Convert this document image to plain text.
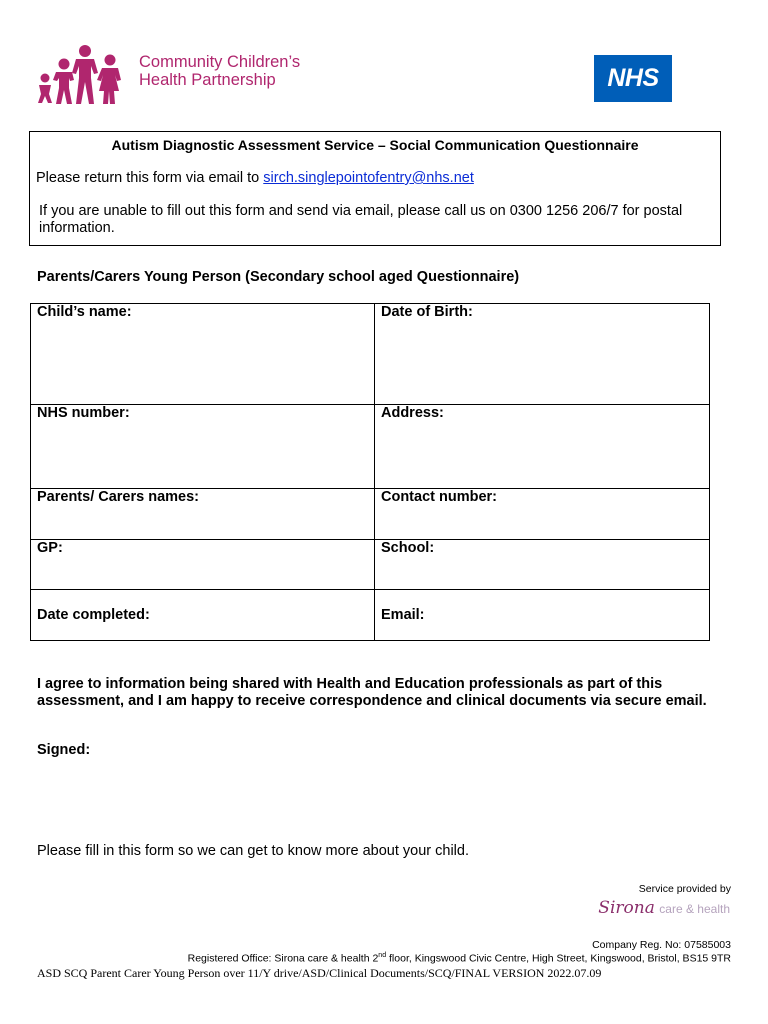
Community Children’s
Health Partnership	NHS
Autism Diagnostic Assessment Service – Social Communication Questionnaire
Please return this form via email to sirch.singlepointofentry@nhs.net
If you are unable to fill out this form and send via email, please call us on 0300 1256 206/7 for postal information.
Parents/Carers Young Person (Secondary school aged Questionnaire)
Child’s name:	Date of Birth:
NHS number:	Address:
Parents/ Carers names:	Contact number:
GP:	School:
Date completed:	Email:
I agree to information being shared with Health and Education professionals as part of this assessment, and I am happy to receive correspondence and clinical documents via secure email.
Signed:
Please fill in this form so we can get to know more about your child.
Service provided by
Sirona care & health
Company Reg. No: 07585003
Registered Office: Sirona care & health 2nd floor, Kingswood Civic Centre, High Street, Kingswood, Bristol, BS15 9TR
ASD SCQ Parent Carer Young Person over 11/Y drive/ASD/Clinical Documents/SCQ/FINAL VERSION 2022.07.09
